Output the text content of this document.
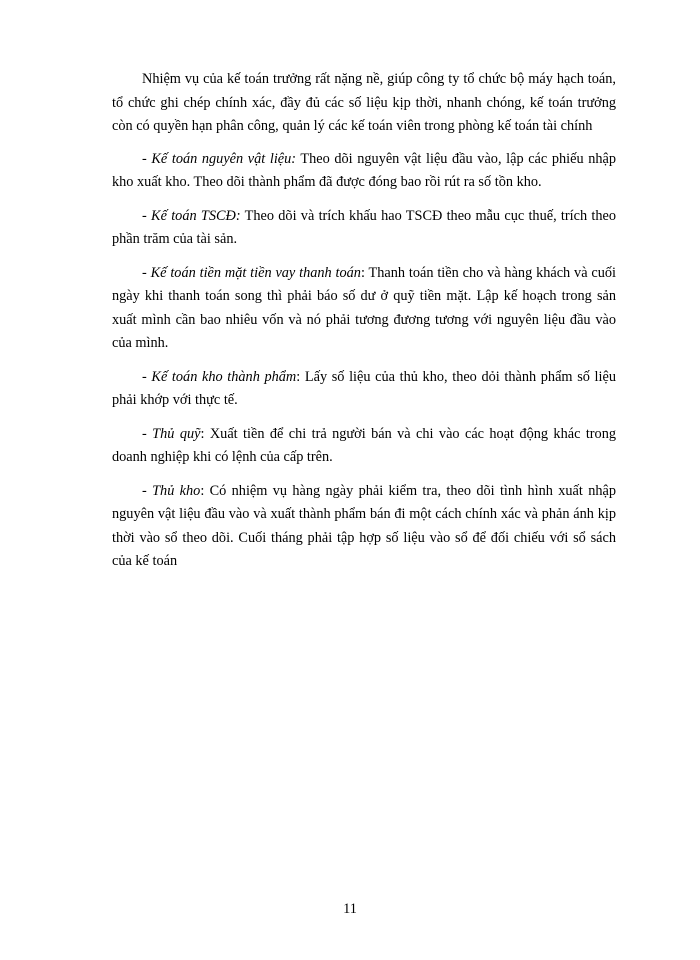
Nhiệm vụ của kế toán trưởng rất nặng nề, giúp công ty tổ chức bộ máy hạch toán, tổ chức ghi chép chính xác, đầy đủ các số liệu kịp thời, nhanh chóng, kế toán trưởng còn có quyền hạn phân công, quản lý các kế toán viên trong phòng kế toán tài chính

- Kế toán nguyên vật liệu: Theo dõi nguyên vật liệu đầu vào, lập các phiếu nhập kho xuất kho. Theo dõi thành phẩm đã được đóng bao rồi rút ra số tồn kho.

- Kế toán TSCĐ: Theo dõi và trích khấu hao TSCĐ theo mẫu cục thuế, trích theo phần trăm của tài sản.

- Kế toán tiền mặt tiền vay thanh toán: Thanh toán tiền cho và hàng khách và cuối ngày khi thanh toán song thì phải báo số dư ở quỹ tiền mặt. Lập kế hoạch trong sản xuất mình cần bao nhiêu vốn và nó phải tương đương tương với nguyên liệu đầu vào của mình.

- Kế toán kho thành phẩm: Lấy số liệu của thủ kho, theo dỏi thành phẩm số liệu phải khớp với thực tế.

- Thủ quỹ: Xuất tiền để chi trả người bán và chi vào các hoạt động khác trong doanh nghiệp khi có lệnh của cấp trên.

- Thủ kho: Có nhiệm vụ hàng ngày phải kiểm tra, theo dõi tình hình xuất nhập nguyên vật liệu đầu vào và xuất thành phẩm bán đi một cách chính xác và phản ánh kịp thời vào sổ theo dõi. Cuối tháng phải tập hợp số liệu vào sổ để đối chiếu với sổ sách của kế toán

11
